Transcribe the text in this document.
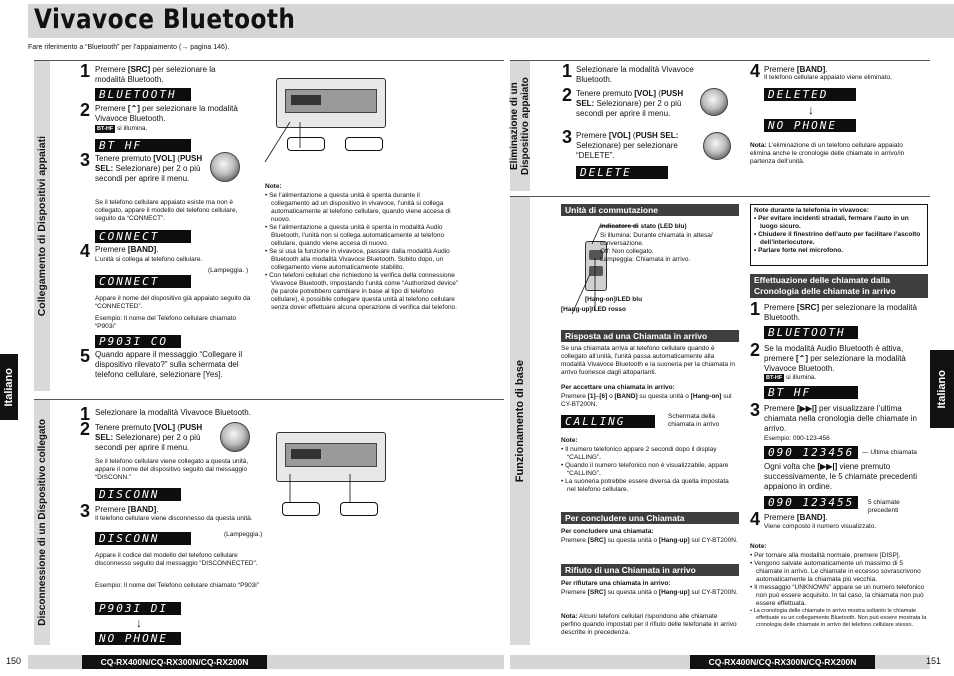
Vivavoce Bluetooth
Fare riferimento a “Bluetooth” per l’appaiamento (→ pagina 146).
Collegamento di Dispositivi appaiati
1 Premere [SRC] per selezionare la modalità Bluetooth.
BLUETOOTH
2 Premere [⌃] per selezionare la modalità Vivavoce Bluetooth.
BT-HF si illumina.
BT HF
3 Tenere premuto [VOL] (PUSH SEL: Selezionare) per 2 o più secondi per aprire il menu.
Se il telefono cellulare appaiato esiste ma non è collegato, appare il modello del telefono cellulare, seguito da “CONNECT”.
CONNECT
4 Premere [BAND].
L’unità si collega al telefono cellulare.
(Lampeggia. )
CONNECT
Appare il nome del dispositivo già appaiato seguito da “CONNECTED”.
Esempio: Il nome del Telefono cellulare chiamato “P903i”
P903I CO
5 Quando appare il messaggio “Collegare il dispositivo rilevato?” sulla schermata del telefono cellulare, selezionare [Yes].
Note:
• Se l’alimentazione a questa unità è spenta durante il collegamento ad un dispositivo in vivavoce, l’unità si collega automaticamente al telefono cellulare, quando viene accesa di nuovo.
• Se l’alimentazione a questa unità è spenta in modalità Audio Bluetooth, l’unità non si collega automaticamente al telefono cellulare, quando viene accesa di nuovo.
• Se si usa la funzione in vivavoce, passare dalla modalità Audio Bluetooth alla modalità Vivavoce Bluetooth. Subito dopo, un collegamento viene automaticamente stabilito.
• Con telefoni cellulari che richiedono la verifica della connessione Vivavoce Bluetooth, impostando l’unità come “Authorized device” (le parole potrebbero cambiare in base al tipo di telefono cellulare), è possibile collegare questa unità al telefono cellulare senza dover effettuare alcuna operazione di verifica dal telefono.
Disconnessione di un Dispositivo collegato
Italiano
1 Selezionare la modalità Vivavoce Bluetooth.
2 Tenere premuto [VOL] (PUSH SEL: Selezionare) per 2 o più secondi per aprire il menu.
Se il telefono cellulare viene collegato a questa unità, appare il nome del dispositivo seguito dal messaggio “DISCONN.”
DISCONN
3 Premere [BAND].
Il telefono cellulare viene disconnesso da questa unità.
(Lampeggia.)
DISCONN
Appare il codice del modello del telefono cellulare disconnesso seguito dal messaggio “DISCONNECTED”.
Esempio: Il nome del Telefono cellulare chiamato “P903i”
P903I DI
↓
NO PHONE
150	CQ-RX400N/CQ-RX300N/CQ-RX200N
Eliminazione di un Dispositivo appaiato
1 Selezionare la modalità Vivavoce Bluetooth.
2 Tenere premuto [VOL] (PUSH SEL: Selezionare) per 2 o più secondi per aprire il menu.
3 Premere [VOL] (PUSH SEL: Selezionare) per selezionare “DELETE”.
DELETE
4 Premere [BAND].
Il telefono cellulare appaiato viene eliminato.
DELETED
↓
NO PHONE
Nota: L’eliminazione di un telefono cellulare appaiato elimina anche le cronologie delle chiamate in arrivo/in partenza dell’unità.
Funzionamento di base	Italiano
Unità di commutazione
Indicatore di stato (LED blu)
Si illumina: Durante chiamata in attesa/ conversazione.
Off: Non collegato.
Lampeggia: Chiamata in arrivo.
[Hang-on]/LED blu
[Hang-up]/LED rosso
Risposta ad una Chiamata in arrivo
Se una chiamata arriva al telefono cellulare quando è collegato all’unità, l’unità passa automaticamente alla modalità Vivavoce Bluetooth e la suoneria per la chiamata in arrivo fuoriesce dagli altoparlanti.
Per accettare una chiamata in arrivo:
Premere [1]–[6] o [BAND] su questa unità o [Hang-on] sul CY-BT200N.
CALLING	Schermata della chiamata in arrivo
Note:
• Il numero telefonico appare 2 secondi dopo il display “CALLING”.
• Quando il numero telefonico non è visualizzabile, appare “CALLING”.
• La suoneria potrebbe essere diversa da quella impostata nel telefono cellulare.
Per concludere una Chiamata
Per concludere una chiamata:
Premere [SRC] su questa unità o [Hang-up] sul CY-BT200N.
Rifiuto di una Chiamata in arrivo
Per rifiutare una chiamata in arrivo:
Premere [SRC] su questa unità o [Hang-up] sul CY-BT200N.
Nota: Alcuni telefoni cellulari rispondono alle chiamate perfino quando impostati per il rifiuto delle telefonate in arrivo descritte in precedenza.
Note durante la telefonia in vivavoce:
• Per evitare incidenti stradali, fermare l’auto in un luogo sicuro.
• Chiudere il finestrino dell’auto per facilitare l’ascolto dell’interlocutore.
• Parlare forte nel microfono.
Effettuazione delle chiamate dalla Cronologia delle chiamate in arrivo
1 Premere [SRC] per selezionare la modalità Bluetooth.
BLUETOOTH
2 Se la modalità Audio Bluetooth è attiva, premere [⌃] per selezionare la modalità Vivavoce Bluetooth.
BT-HF si illumina.
BT HF
3 Premere [▶▶|] per visualizzare l’ultima chiamata nella cronologia delle chiamate in arrivo.
Esempio: 090-123-456
090 123456	— Ultima chiamata
Ogni volta che [▶▶|] viene premuto successivamente, le 5 chiamate precedenti appaiono in ordine.
090 123455	5 chiamate precedenti
4 Premere [BAND].
Viene composto il numero visualizzato.
Note:
• Per tornare alla modalità normale, premere [DISP].
• Vengono salvate automaticamente un massimo di 5 chiamate in arrivo. Le chiamate in eccesso sovrascrivono automaticamente la chiamata più vecchia.
• Il messaggio “UNKNOWN” appare se un numero telefonico non può essere acquisito. In tal caso, la chiamata non può essere effettuata.
• La cronologia delle chiamate in arrivo mostra soltanto le chiamate effettuate su un collegamento Bluetooth. Non può essere mostrata la cronologia delle chiamate in arrivo del telefono cellulare stesso.
CQ-RX400N/CQ-RX300N/CQ-RX200N	151
